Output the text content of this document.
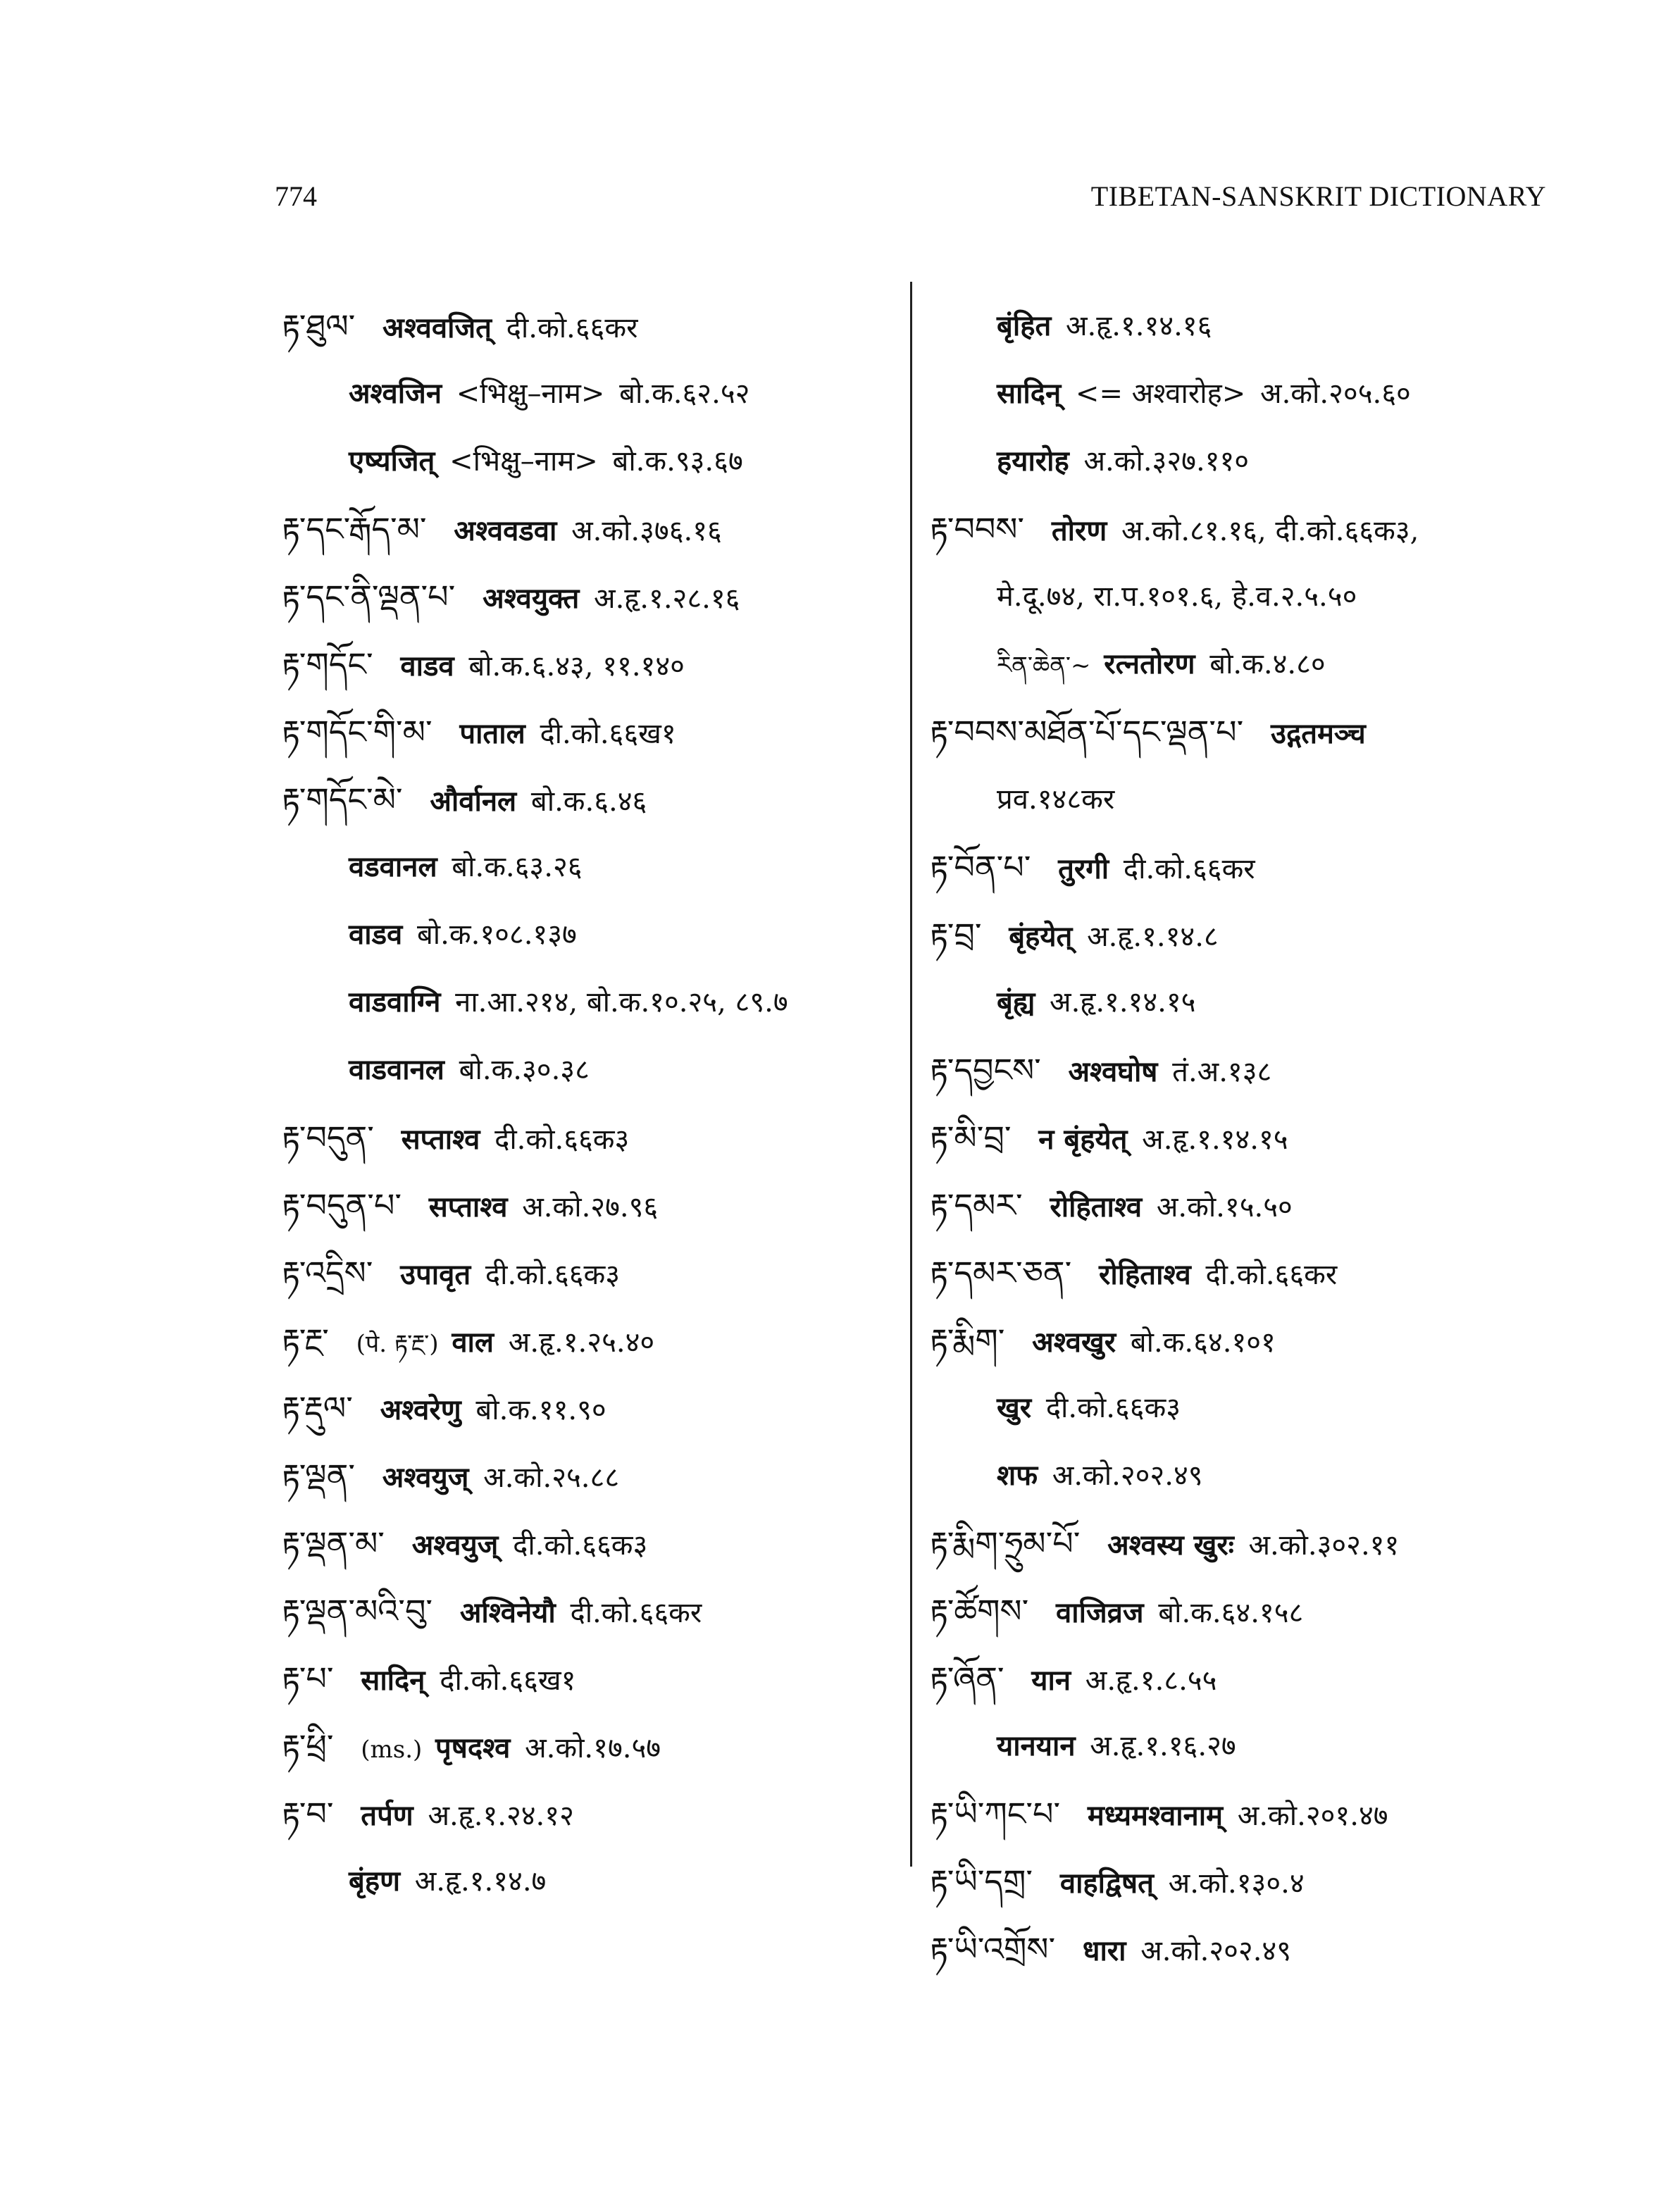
774	TIBETAN-SANSKRIT DICTIONARY
རྟ་ཐུལ་ अश्ववजित् दी.को.६६कर
अश्वजिन <भिक्षु–नाम> बो.क.६२.५२
एष्यजित् <भिक्षु–नाम> बो.क.९३.६७
རྟ་དང་རྒོད་མ་ अश्ववडवा अ.को.३७६.१६
རྟ་དང་ནི་ལྡན་པ་ अश्वयुक्त अ.हृ.१.२८.१६
རྟ་གདོང་ वाडव बो.क.६.४३, ११.१४०
རྟ་གདོང་གི་མ་ पाताल दी.को.६६ख१
རྟ་གདོང་མེ་ और्वानल बो.क.६.४६
वडवानल बो.क.६३.२६
वाडव बो.क.१०८.१३७
वाडवाग्नि ना.आ.२१४, बो.क.१०.२५, ८९.७
वाडवानल बो.क.३०.३८
རྟ་བདུན་ सप्ताश्व दी.को.६६क३
རྟ་བདུན་པ་ सप्ताश्व अ.को.२७.९६
རྟ་འདྲིས་ उपावृत दी.को.६६क३
རྟ་རྔ་ (पे. རྟ་རྔ་) वाल अ.हृ.१.२५.४०
རྟ་རྡུལ་ अश्वरेणु बो.क.११.९०
རྟ་ལྡན་ अश्वयुज् अ.को.२५.८८
རྟ་ལྡན་མ་ अश्वयुज् दी.को.६६क३
རྟ་ལྡན་མའི་བུ་ अश्विनेयौ दी.को.६६कर
རྟ་པ་ सादिन् दी.को.६६ख१
རྟ་ཕྲི་ (ms.) पृषदश्व अ.को.१७.५७
རྟ་བ་ तर्पण अ.हृ.१.२४.१२
बृंहण अ.हृ.१.१४.७
बृंहित अ.हृ.१.१४.१६
सादिन् <= अश्वारोह> अ.को.२०५.६०
हयारोह अ.को.३२७.११०
རྟ་བབས་ तोरण अ.को.८१.१६, दी.को.६६क३,
मे.दू.७४, रा.प.१०१.६, हे.व.२.५.५०
རིན་ཆེན་~ रत्नतोरण बो.क.४.८०
རྟ་བབས་མཐོན་པོ་དང་ལྡན་པ་ उद्गतमञ्च
प्रव.१४८कर
རྟ་བོན་པ་ तुरगी दी.को.६६कर
རྟ་བྲ་ बृंहयेत् अ.हृ.१.१४.८
बृंह्य अ.हृ.१.१४.१५
རྟ་དབྱངས་ अश्वघोष तं.अ.१३८
རྟ་མི་བྲ་ न बृंहयेत् अ.हृ.१.१४.१५
རྟ་དམར་ रोहिताश्व अ.को.१५.५०
རྟ་དམར་ཅན་ रोहिताश्व दी.को.६६कर
རྟ་རྨིག་ अश्वखुर बो.क.६४.१०१
खुर दी.को.६६क३
शफ अ.को.२०२.४९
རྟ་རྨིག་ཧྲུམ་པོ་ अश्वस्य खुरः अ.को.३०२.११
རྟ་ཚོགས་ वाजिव्रज बो.क.६४.१५८
རྟ་ཞོན་ यान अ.हृ.१.८.५५
यानयान अ.हृ.१.१६.२७
རྟ་ཡི་ཀང་པ་ मध्यमश्वानाम् अ.को.२०१.४७
རྟ་ཡི་དགྲ་ वाहद्विषत् अ.को.१३०.४
རྟ་ཡི་འགྲོས་ धारा अ.को.२०२.४९
